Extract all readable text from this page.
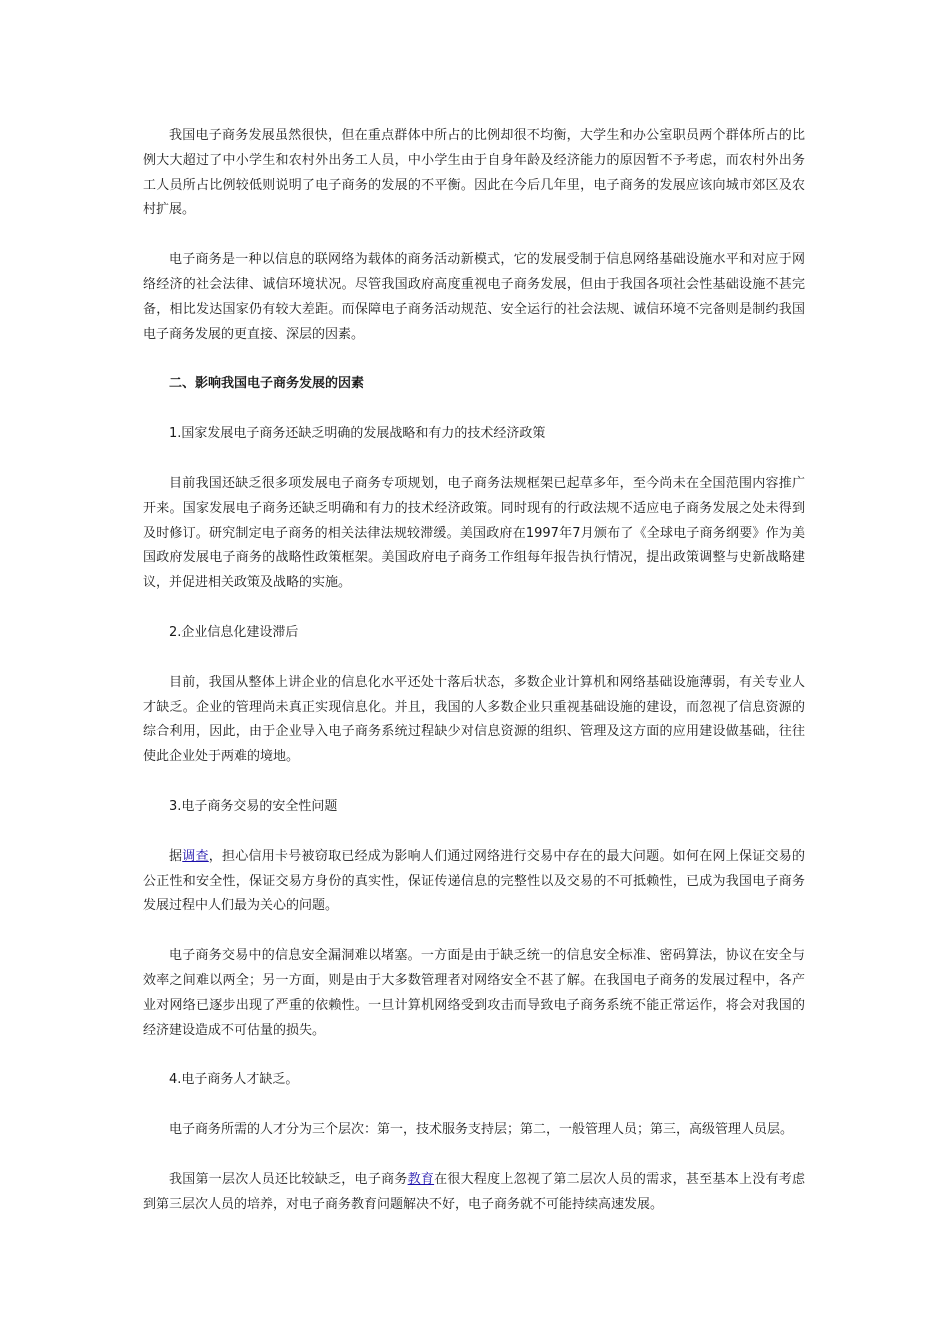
我国电子商务发展虽然很快，但在重点群体中所占的比例却很不均衡，大学生和办公室职员两个群体所占的比例大大超过了中小学生和农村外出务工人员，中小学生由于自身年龄及经济能力的原因暂不予考虑，而农村外出务工人员所占比例较低则说明了电子商务的发展的不平衡。因此在今后几年里，电子商务的发展应该向城市郊区及农村扩展。

电子商务是一种以信息的联网络为载体的商务活动新模式，它的发展受制于信息网络基础设施水平和对应于网络经济的社会法律、诚信环境状况。尽管我国政府高度重视电子商务发展，但由于我国各项社会性基础设施不甚完备，相比发达国家仍有较大差距。而保障电子商务活动规范、安全运行的社会法规、诚信环境不完备则是制约我国电子商务发展的更直接、深层的因素。

二、影响我国电子商务发展的因素

1.国家发展电子商务还缺乏明确的发展战略和有力的技术经济政策

目前我国还缺乏很多项发展电子商务专项规划，电子商务法规框架已起草多年，至今尚未在全国范围内容推广开来。国家发展电子商务还缺乏明确和有力的技术经济政策。同时现有的行政法规不适应电子商务发展之处未得到及时修订。研究制定电子商务的相关法律法规较滞缓。美国政府在1997年7月颁布了《全球电子商务纲要》作为美国政府发展电子商务的战略性政策框架。美国政府电子商务工作组每年报告执行情况，提出政策调整与史新战略建议，并促进相关政策及战略的实施。

2.企业信息化建设滞后

目前，我国从整体上讲企业的信息化水平还处十落后状态，多数企业计算机和网络基础设施薄弱，有关专业人才缺乏。企业的管理尚未真正实现信息化。并且，我国的人多数企业只重视基础设施的建设，而忽视了信息资源的综合利用，因此，由于企业导入电子商务系统过程缺少对信息资源的组织、管理及这方面的应用建设做基础，往往使此企业处于两难的境地。

3.电子商务交易的安全性问题

据调查，担心信用卡号被窃取已经成为影响人们通过网络进行交易中存在的最大问题。如何在网上保证交易的公正性和安全性，保证交易方身份的真实性，保证传递信息的完整性以及交易的不可抵赖性，已成为我国电子商务发展过程中人们最为关心的问题。

电子商务交易中的信息安全漏洞难以堵塞。一方面是由于缺乏统一的信息安全标准、密码算法，协议在安全与效率之间难以两全；另一方面，则是由于大多数管理者对网络安全不甚了解。在我国电子商务的发展过程中，各产业对网络已逐步出现了严重的依赖性。一旦计算机网络受到攻击而导致电子商务系统不能正常运作，将会对我国的经济建设造成不可估量的损失。

4.电子商务人才缺乏。

电子商务所需的人才分为三个层次：第一，技术服务支持层；第二，一般管理人员；第三，高级管理人员层。

我国第一层次人员还比较缺乏，电子商务教育在很大程度上忽视了第二层次人员的需求，甚至基本上没有考虑到第三层次人员的培养，对电子商务教育问题解决不好，电子商务就不可能持续高速发展。
